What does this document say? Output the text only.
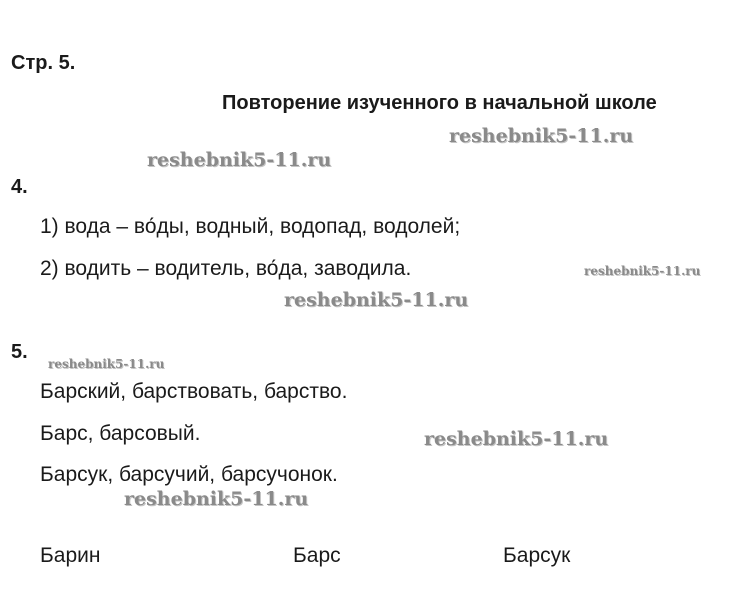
Стр. 5.
Повторение изученного в начальной школе
reshebnik5-11.ru
reshebnik5-11.ru
4.
1) вода – во́ды, водный, водопад, водолей;
2) водить – водитель, во́да, заводила.	reshebnik5-11.ru
reshebnik5-11.ru
5.
reshebnik5-11.ru
Барский, барствовать, барство.
Барс, барсовый.	reshebnik5-11.ru
Барсук, барсучий, барсучонок.
reshebnik5-11.ru
Барин	Барс	Барсук
